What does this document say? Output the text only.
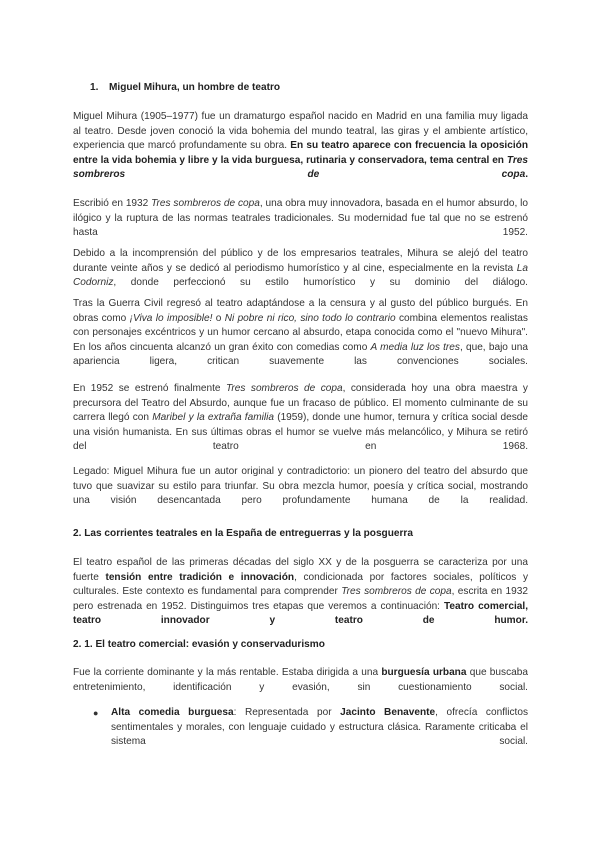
1. Miguel Mihura, un hombre de teatro

Miguel Mihura (1905–1977) fue un dramaturgo español nacido en Madrid en una familia muy ligada al teatro. Desde joven conoció la vida bohemia del mundo teatral, las giras y el ambiente artístico, experiencia que marcó profundamente su obra. En su teatro aparece con frecuencia la oposición entre la vida bohemia y libre y la vida burguesa, rutinaria y conservadora, tema central en Tres sombreros de copa.

Escribió en 1932 Tres sombreros de copa, una obra muy innovadora, basada en el humor absurdo, lo ilógico y la ruptura de las normas teatrales tradicionales. Su modernidad fue tal que no se estrenó hasta 1952.

Debido a la incomprensión del público y de los empresarios teatrales, Mihura se alejó del teatro durante veinte años y se dedicó al periodismo humorístico y al cine, especialmente en la revista La Codorniz, donde perfeccionó su estilo humorístico y su dominio del diálogo.

Tras la Guerra Civil regresó al teatro adaptándose a la censura y al gusto del público burgués. En obras como ¡Viva lo imposible! o Ni pobre ni rico, sino todo lo contrario combina elementos realistas con personajes excéntricos y un humor cercano al absurdo, etapa conocida como el "nuevo Mihura". En los años cincuenta alcanzó un gran éxito con comedias como A media luz los tres, que, bajo una apariencia ligera, critican suavemente las convenciones sociales.

En 1952 se estrenó finalmente Tres sombreros de copa, considerada hoy una obra maestra y precursora del Teatro del Absurdo, aunque fue un fracaso de público. El momento culminante de su carrera llegó con Maribel y la extraña familia (1959), donde une humor, ternura y crítica social desde una visión humanista. En sus últimas obras el humor se vuelve más melancólico, y Mihura se retiró del teatro en 1968.

Legado: Miguel Mihura fue un autor original y contradictorio: un pionero del teatro del absurdo que tuvo que suavizar su estilo para triunfar. Su obra mezcla humor, poesía y crítica social, mostrando una visión desencantada pero profundamente humana de la realidad.

2. Las corrientes teatrales en la España de entreguerras y la posguerra

El teatro español de las primeras décadas del siglo XX y de la posguerra se caracteriza por una fuerte tensión entre tradición e innovación, condicionada por factores sociales, políticos y culturales. Este contexto es fundamental para comprender Tres sombreros de copa, escrita en 1932 pero estrenada en 1952. Distinguimos tres etapas que veremos a continuación: Teatro comercial, teatro innovador y teatro de humor.

2. 1. El teatro comercial: evasión y conservadurismo

Fue la corriente dominante y la más rentable. Estaba dirigida a una burguesía urbana que buscaba entretenimiento, identificación y evasión, sin cuestionamiento social.

● Alta comedia burguesa: Representada por Jacinto Benavente, ofrecía conflictos sentimentales y morales, con lenguaje cuidado y estructura clásica. Raramente criticaba el sistema social.
